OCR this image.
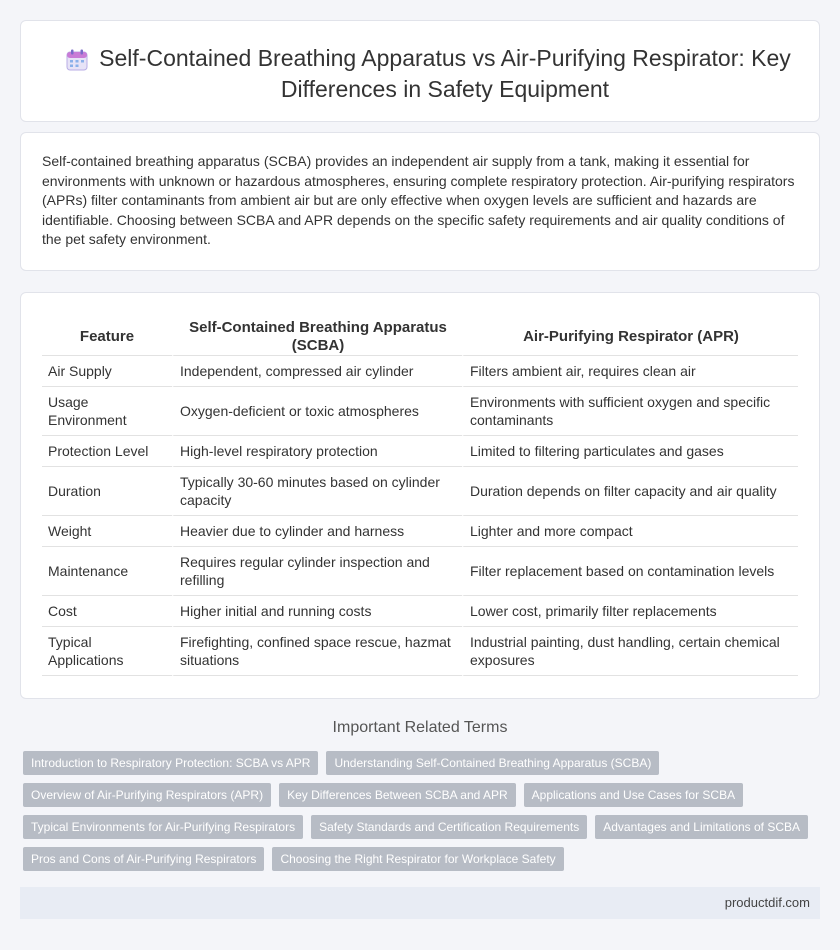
Self-Contained Breathing Apparatus vs Air-Purifying Respirator: Key Differences in Safety Equipment

Self-contained breathing apparatus (SCBA) provides an independent air supply from a tank, making it essential for environments with unknown or hazardous atmospheres, ensuring complete respiratory protection. Air-purifying respirators (APRs) filter contaminants from ambient air but are only effective when oxygen levels are sufficient and hazards are identifiable. Choosing between SCBA and APR depends on the specific safety requirements and air quality conditions of the pet safety environment.

Feature	Self-Contained Breathing Apparatus (SCBA)	Air-Purifying Respirator (APR)
Air Supply	Independent, compressed air cylinder	Filters ambient air, requires clean air
Usage Environment	Oxygen-deficient or toxic atmospheres	Environments with sufficient oxygen and specific contaminants
Protection Level	High-level respiratory protection	Limited to filtering particulates and gases
Duration	Typically 30-60 minutes based on cylinder capacity	Duration depends on filter capacity and air quality
Weight	Heavier due to cylinder and harness	Lighter and more compact
Maintenance	Requires regular cylinder inspection and refilling	Filter replacement based on contamination levels
Cost	Higher initial and running costs	Lower cost, primarily filter replacements
Typical Applications	Firefighting, confined space rescue, hazmat situations	Industrial painting, dust handling, certain chemical exposures
Important Related Terms
Introduction to Respiratory Protection: SCBA vs APR	Understanding Self-Contained Breathing Apparatus (SCBA)
Overview of Air-Purifying Respirators (APR)	Key Differences Between SCBA and APR	Applications and Use Cases for SCBA
Typical Environments for Air-Purifying Respirators	Safety Standards and Certification Requirements	Advantages and Limitations of SCBA
Pros and Cons of Air-Purifying Respirators	Choosing the Right Respirator for Workplace Safety
productdif.com
